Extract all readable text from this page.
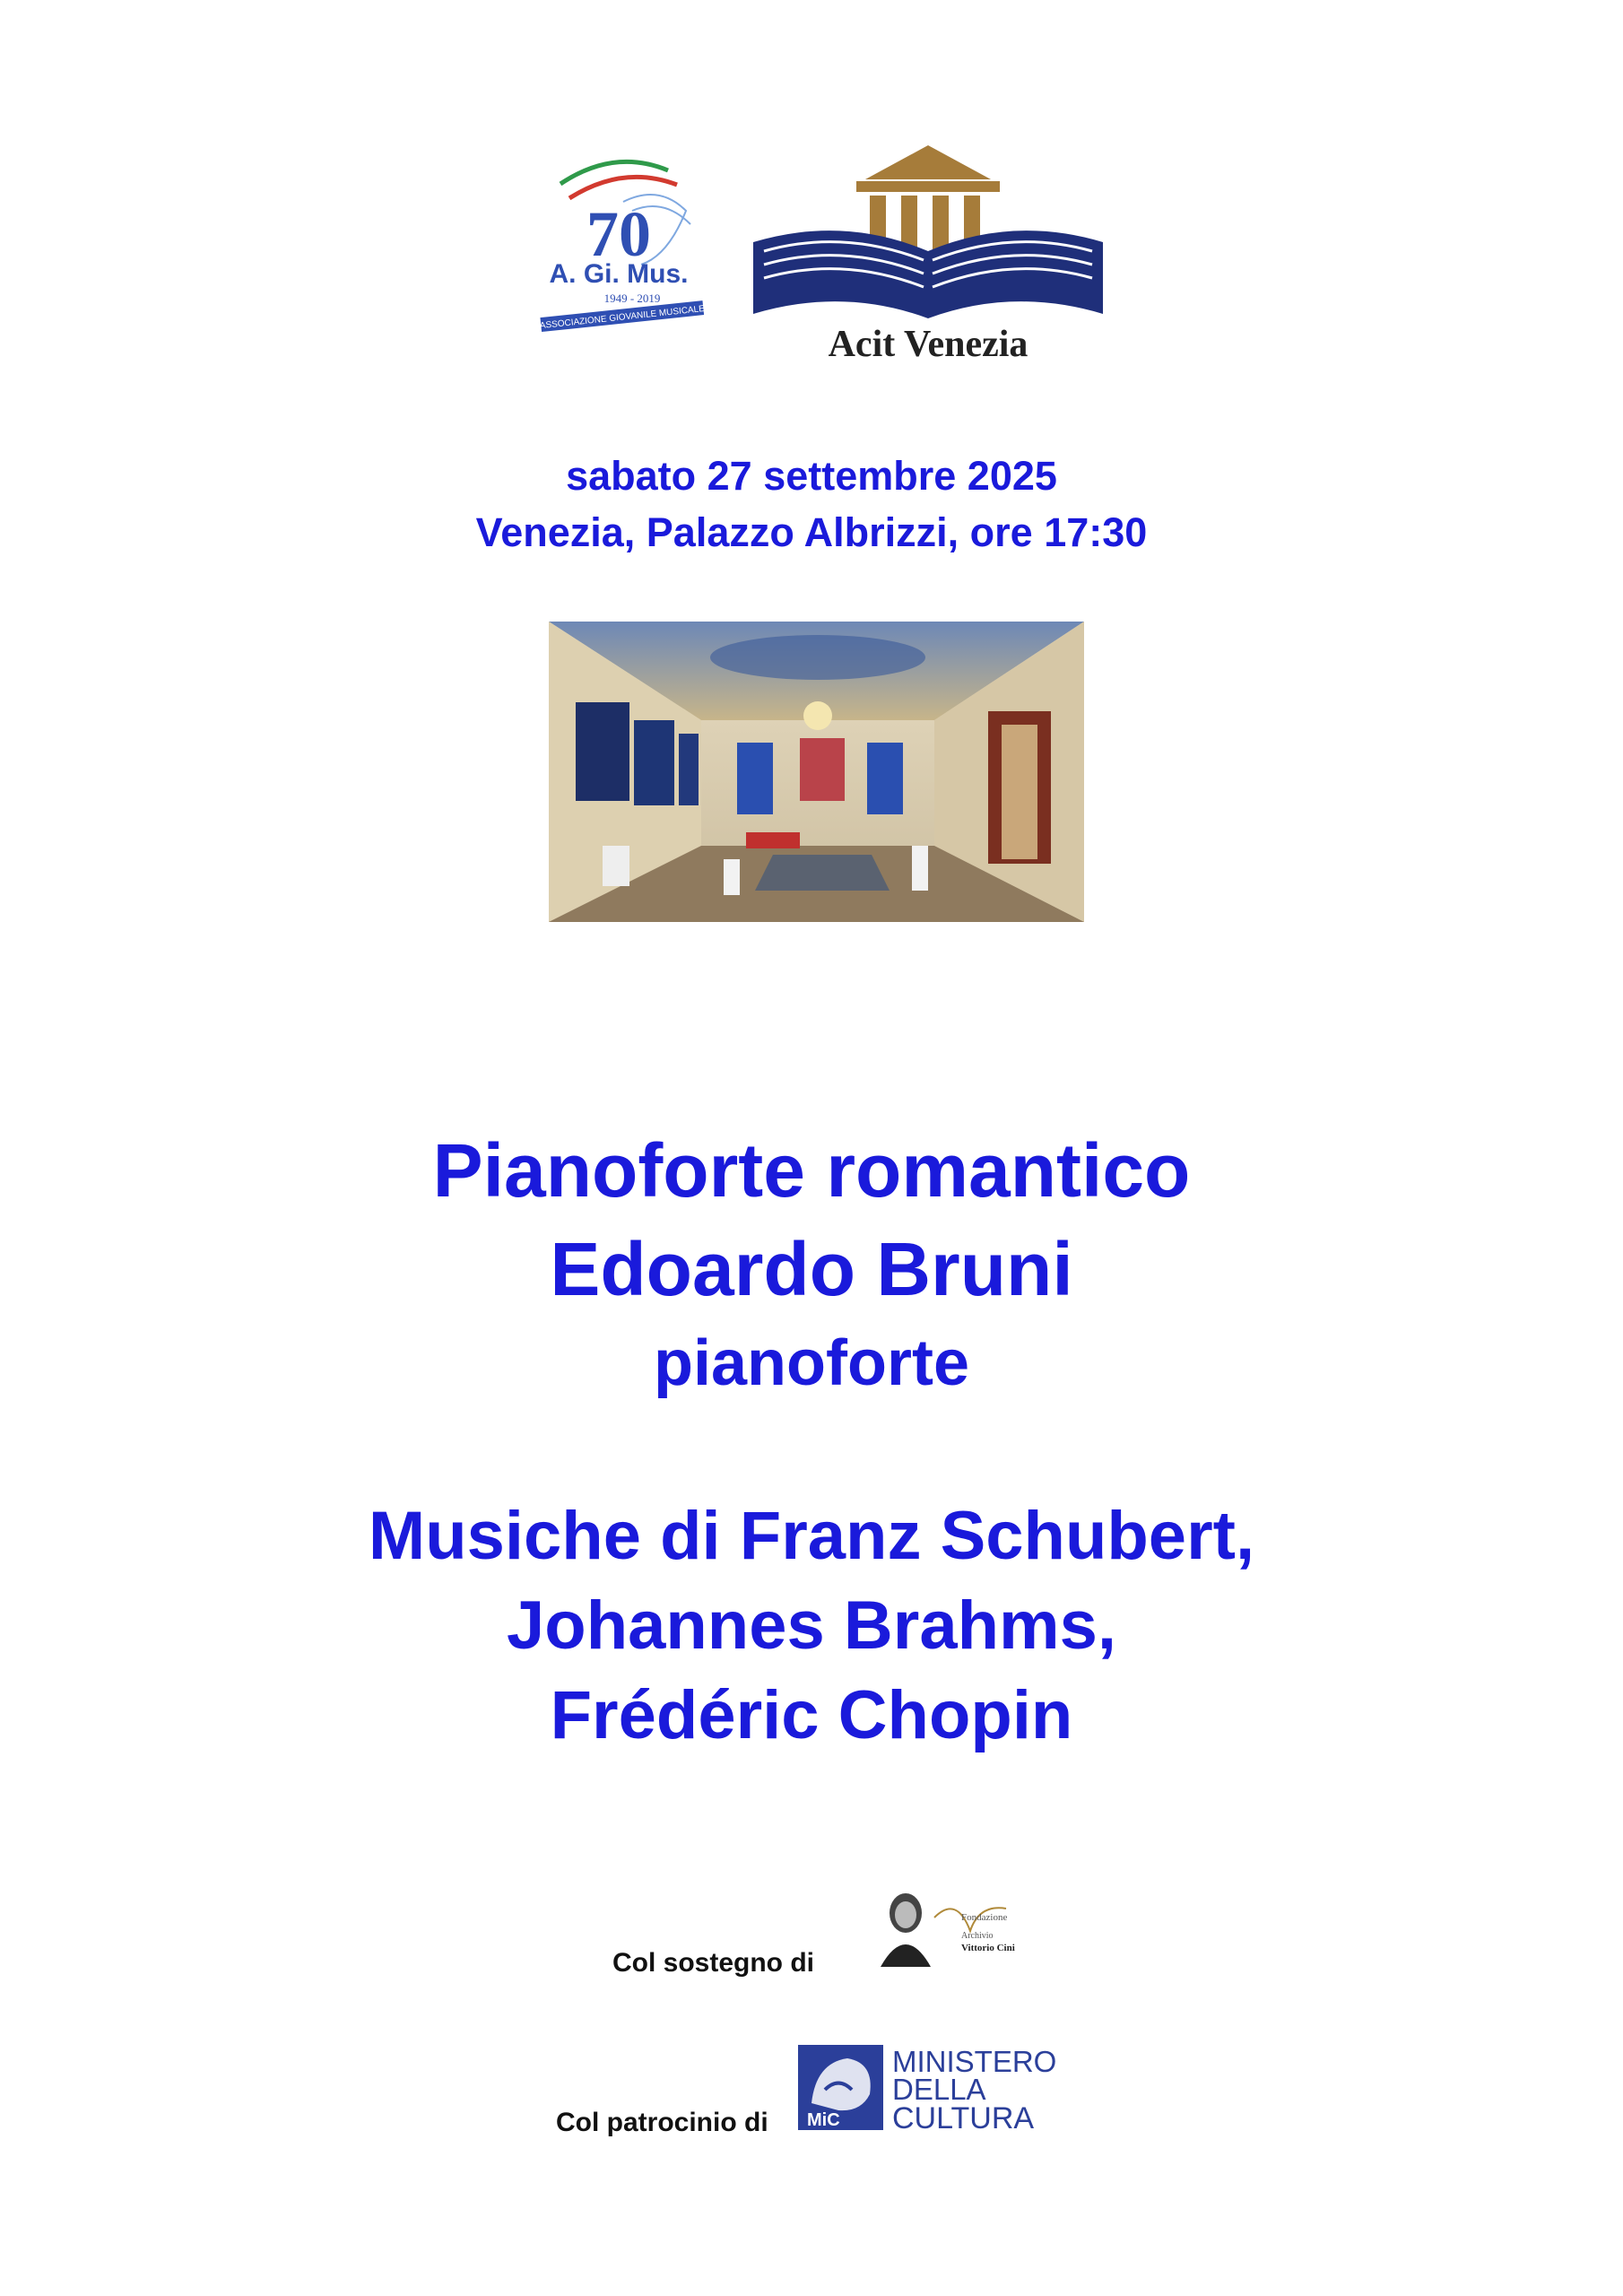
70
A. Gi. Mus.
1949 - 2019
ASSOCIAZIONE GIOVANILE MUSICALE
Acit Venezia
sabato 27 settembre 2025
Venezia, Palazzo Albrizzi, ore 17:30
Pianoforte romantico
Edoardo Bruni
pianoforte
Musiche di Franz Schubert,
Johannes Brahms,
Frédéric Chopin
Col sostegno di
Fondazione
Archivio
Vittorio Cini
Col patrocinio di MiC
MINISTERO
DELLA
CULTURA
